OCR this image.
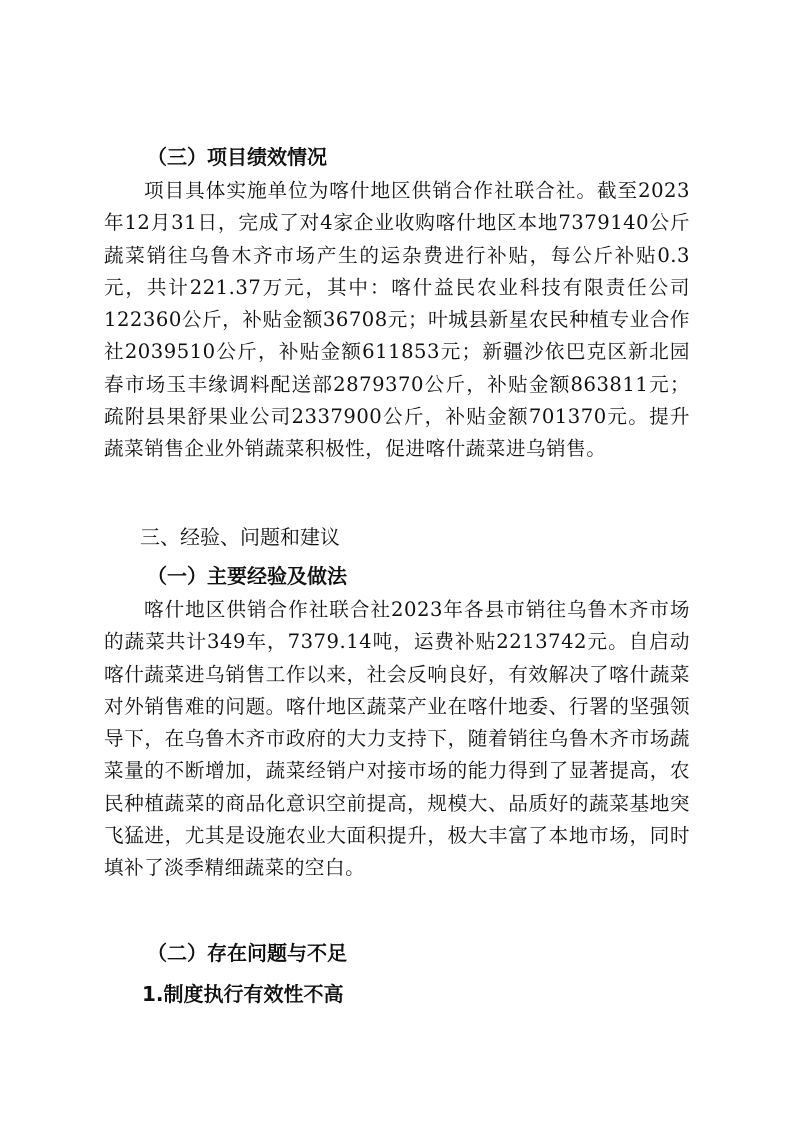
（三）项目绩效情况
项目具体实施单位为喀什地区供销合作社联合社。截至2023年12月31日，完成了对4家企业收购喀什地区本地7379140公斤蔬菜销往乌鲁木齐市场产生的运杂费进行补贴，每公斤补贴0.3元，共计221.37万元，其中：喀什益民农业科技有限责任公司122360公斤，补贴金额36708元；叶城县新星农民种植专业合作社2039510公斤，补贴金额611853元；新疆沙依巴克区新北园春市场玉丰缘调料配送部2879370公斤，补贴金额863811元；疏附县果舒果业公司2337900公斤，补贴金额701370元。提升蔬菜销售企业外销蔬菜积极性，促进喀什蔬菜进乌销售。
三、经验、问题和建议
（一）主要经验及做法
喀什地区供销合作社联合社2023年各县市销往乌鲁木齐市场的蔬菜共计349车，7379.14吨，运费补贴2213742元。自启动喀什蔬菜进乌销售工作以来，社会反响良好，有效解决了喀什蔬菜对外销售难的问题。喀什地区蔬菜产业在喀什地委、行署的坚强领导下，在乌鲁木齐市政府的大力支持下，随着销往乌鲁木齐市场蔬菜量的不断增加，蔬菜经销户对接市场的能力得到了显著提高，农民种植蔬菜的商品化意识空前提高，规模大、品质好的蔬菜基地突飞猛进，尤其是设施农业大面积提升，极大丰富了本地市场，同时填补了淡季精细蔬菜的空白。
（二）存在问题与不足
1.制度执行有效性不高
